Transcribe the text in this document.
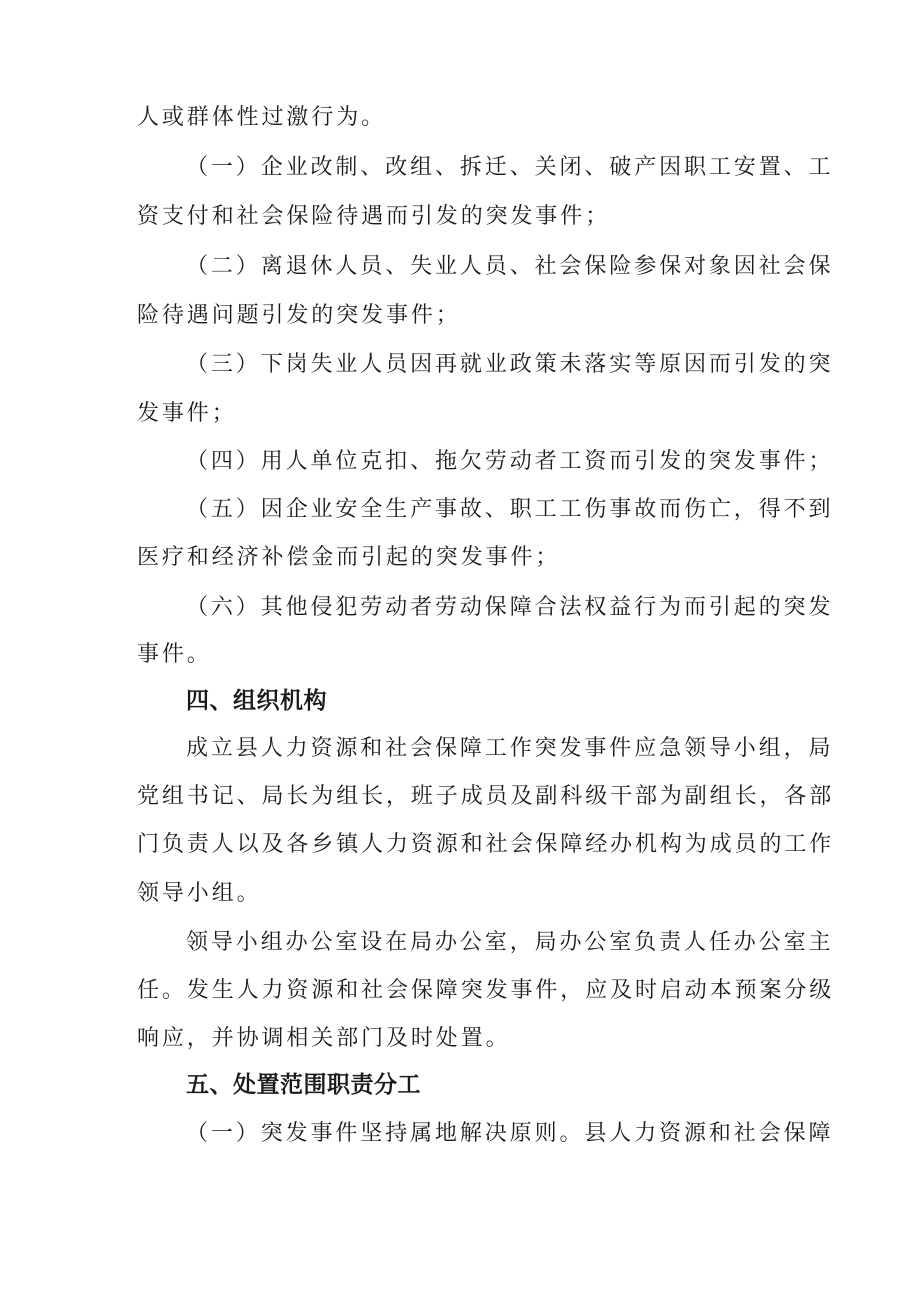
人或群体性过激行为。
（一）企业改制、改组、拆迁、关闭、破产因职工安置、工
资支付和社会保险待遇而引发的突发事件；
（二）离退休人员、失业人员、社会保险参保对象因社会保
险待遇问题引发的突发事件；
（三）下岗失业人员因再就业政策未落实等原因而引发的突
发事件；
（四）用人单位克扣、拖欠劳动者工资而引发的突发事件；
（五）因企业安全生产事故、职工工伤事故而伤亡，得不到
医疗和经济补偿金而引起的突发事件；
（六）其他侵犯劳动者劳动保障合法权益行为而引起的突发
事件。
四、组织机构
成立县人力资源和社会保障工作突发事件应急领导小组，局
党组书记、局长为组长，班子成员及副科级干部为副组长，各部
门负责人以及各乡镇人力资源和社会保障经办机构为成员的工作
领导小组。
领导小组办公室设在局办公室，局办公室负责人任办公室主
任。发生人力资源和社会保障突发事件，应及时启动本预案分级
响应，并协调相关部门及时处置。
五、处置范围职责分工
（一）突发事件坚持属地解决原则。县人力资源和社会保障
